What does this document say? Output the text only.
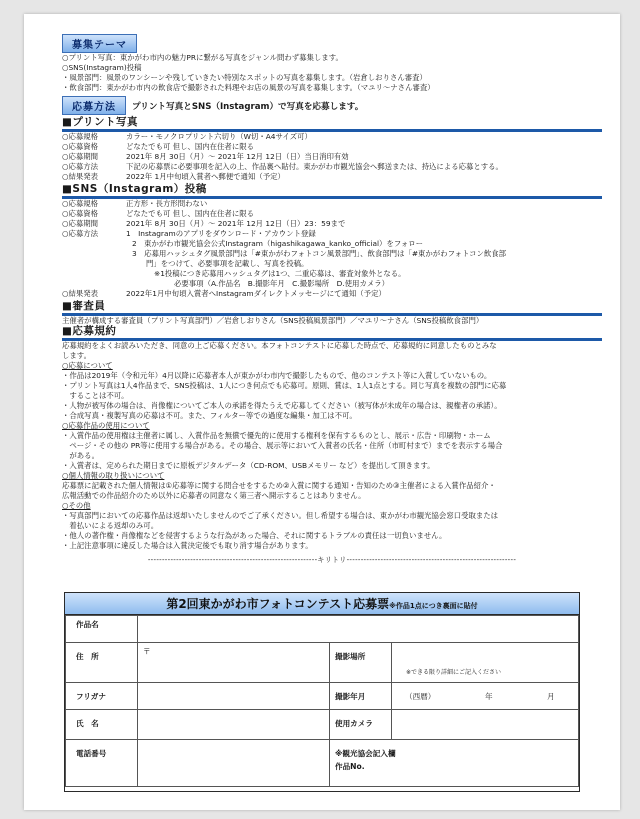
募集テーマ
○プリント写真：東かがわ市内の魅力PRに繋がる写真をジャンル問わず募集します。
○SNS(Instagram)投稿
・風景部門：風景のワンシーンや残していきたい特別なスポットの写真を募集します。（岩倉しおりさん審査）
・飲食部門：東かがわ市内の飲食店で撮影された料理やお店の風景の写真を募集します。（マユリ～ナさん審査）
応募方法	プリント写真とSNS（Instagram）で写真を応募します。
■プリント写真
○応募規格	カラー・モノクロプリント六切り（W切・A4サイズ可）
○応募資格	どなたでも可 但し、国内在住者に限る
○応募期間	2021年 8月 30日（月）～ 2021年 12月 12日（日）当日消印有効
○応募方法	下記の応募票に必要事項を記入の上、作品裏へ貼付。東かがわ市観光協会へ郵送または、持込による応募とする。
○結果発表	2022年 1月中旬頃入賞者へ郵便で通知（予定）
■SNS（Instagram）投稿
○応募規格	正方形・長方形問わない
○応募資格	どなたでも可 但し、国内在住者に限る
○応募期間	2021年 8月 30日（月）～ 2021年 12月 12日（日）23：59まで
○応募方法	1　Instagramのアプリをダウンロード・アカウント登録
2　東かがわ市観光協会公式Instagram（higashikagawa_kanko_official）をフォロー
3　応募用ハッシュタグ風景部門は「#東かがわフォトコン風景部門」、飲食部門は「#東かがわフォトコン飲食部
門」をつけて、必要事項を記載し、写真を投稿。
※1投稿につき応募用ハッシュタグは1つ、二重応募は、審査対象外となる。
必要事項（A.作品名　B.撮影年月　C.撮影場所　D.使用カメラ）
○結果発表	2022年1月中旬頃入賞者へInstagramダイレクトメッセージにて通知（予定）
■審査員
主催者が構成する審査員（プリント写真部門）／岩倉しおりさん（SNS投稿風景部門）／マユリ～ナさん（SNS投稿飲食部門）
■応募規約
応募規約をよくお読みいただき、同意の上ご応募ください。本フォトコンテストに応募した時点で、応募規約に同意したものとみな
します。
○応募について
・作品は2019年（令和元年）4月以降に応募者本人が東かがわ市内で撮影したもので、他のコンテスト等に入賞していないもの。
・プリント写真は1人4作品まで、SNS投稿は、1人につき何点でも応募可。原則、賞は、1人1点とする。同じ写真を複数の部門に応募
　することは不可。
・人物が被写体の場合は、肖像権についてご本人の承諾を得たうえで応募してください（被写体が未成年の場合は、親権者の承諾）。
・合成写真・複製写真の応募は不可。また、フィルター等での過度な編集・加工は不可。
○応募作品の使用について
・入賞作品の使用権は主催者に属し、入賞作品を無償で優先的に使用する権利を保有するものとし、展示・広告・印刷物・ホーム
　ページ・その他の PR等に使用する場合がある。その場合、展示等において入賞者の氏名・住所（市町村まで）までを表示する場合
　がある。
・入賞者は、定められた期日までに原板デジタルデータ（CD-ROM、USBメモリー など）を提出して頂きます。
○個人情報の取り扱いについて
応募票に記載された個人情報は①応募等に関する問合せをするため②入賞に関する通知・告知のため③主催者による入賞作品紹介・
広報活動での作品紹介のため以外に応募者の同意なく第三者へ開示することはありません。
○その他
・写真部門においての応募作品は返却いたしませんのでご了承ください。但し希望する場合は、東かがわ市観光協会窓口受取または
　着払いによる返却のみ可。
・他人の著作権・肖像権などを侵害するような行為があった場合、それに関するトラブルの責任は一切負いません。
・上記注意事項に違反した場合は入賞決定後でも取り消す場合があります。
------------------------------------------------------------キリトリ------------------------------------------------------------
第2回東かがわ市フォトコンテスト応募票※作品1点につき裏面に貼付
作品名			
住　所	〒	撮影場所	※できる限り詳細にご記入ください
フリガナ		撮影年月	（西暦） 年 月
氏　名		使用カメラ	
電話番号		※観光協会記入欄
作品No.	
